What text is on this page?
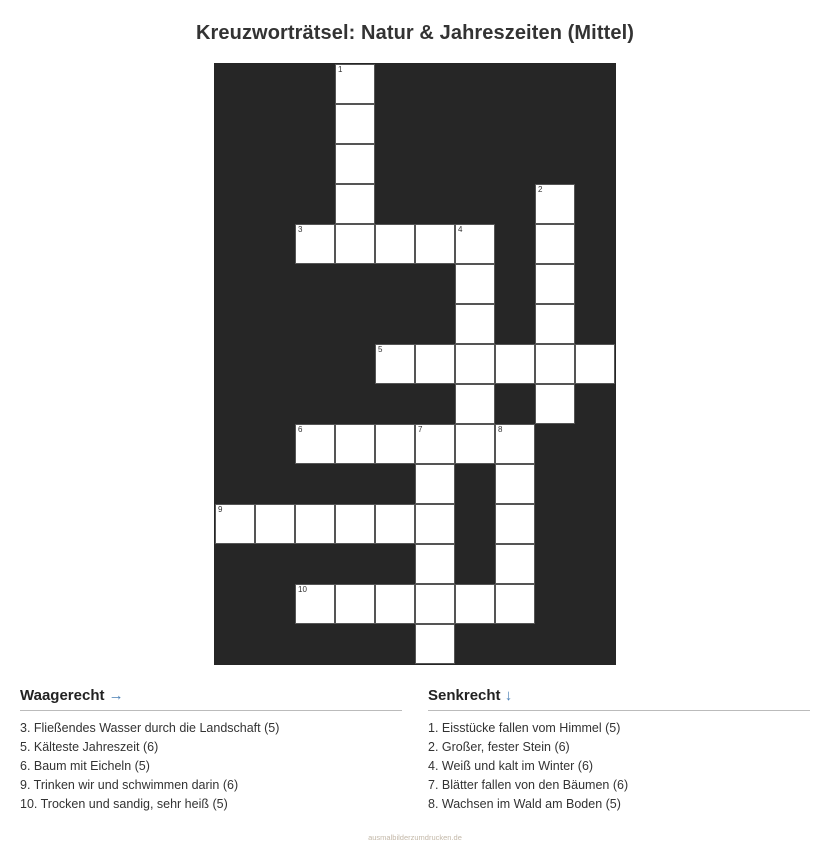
Kreuzworträtsel: Natur & Jahreszeiten (Mittel)
1
2
3	4
5
6	7	8
9
10
Waagerecht →
3. Fließendes Wasser durch die Landschaft (5)
5. Kälteste Jahreszeit (6)
6. Baum mit Eicheln (5)
9. Trinken wir und schwimmen darin (6)
10. Trocken und sandig, sehr heiß (5)
Senkrecht ↓
1. Eisstücke fallen vom Himmel (5)
2. Großer, fester Stein (6)
4. Weiß und kalt im Winter (6)
7. Blätter fallen von den Bäumen (6)
8. Wachsen im Wald am Boden (5)
ausmalbilderzumdrucken.de
